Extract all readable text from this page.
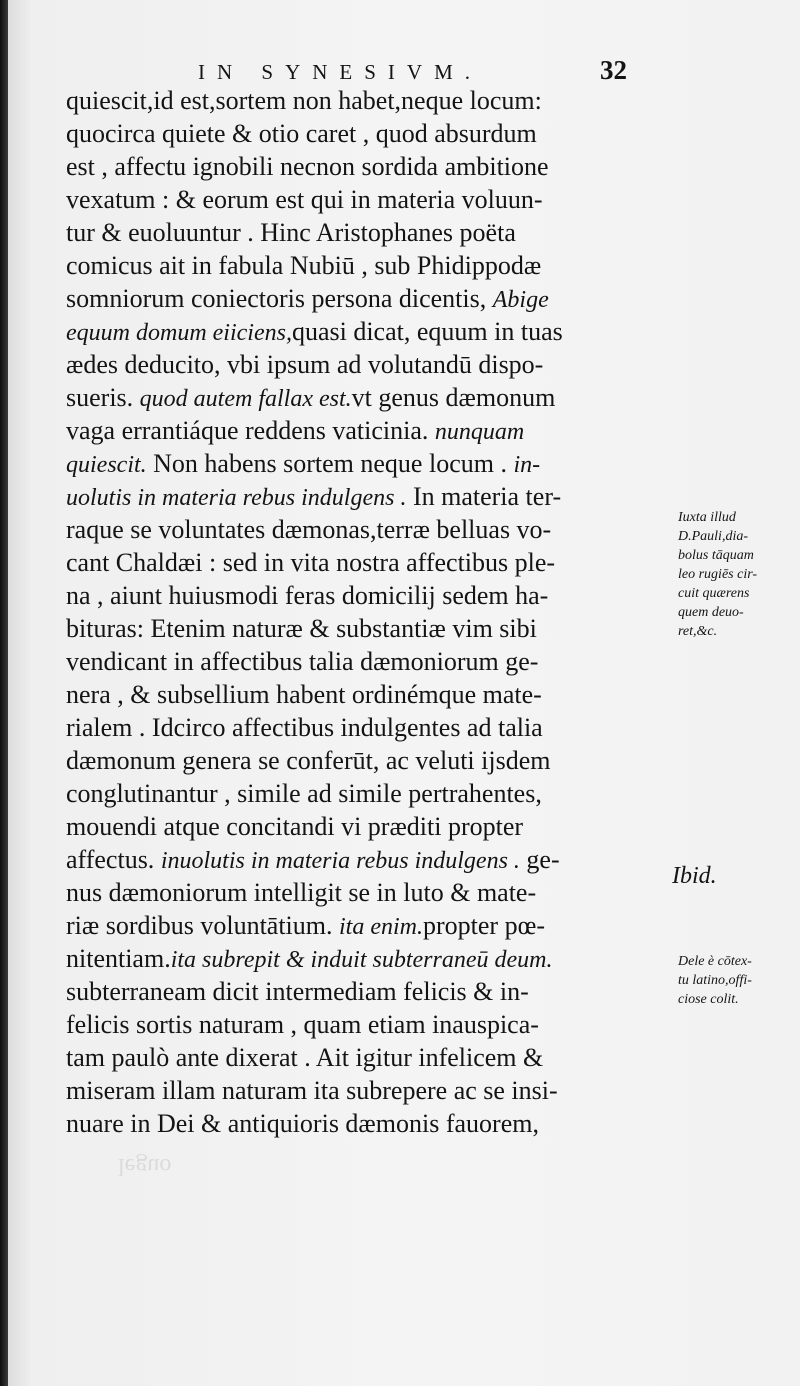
IN SYNESIVM.	32
quiescit,id est,sortem non habet,neque locum:
quocirca quiete & otio caret , quod absurdum
est , affectu ignobili necnon sordida ambitione
vexatum : & eorum est qui in materia voluun-
tur & euoluuntur . Hinc Aristophanes poëta
comicus ait in fabula Nubiū , sub Phidippodæ
somniorum coniectoris persona dicentis, Abige
equum domum eiiciens,quasi dicat, equum in tuas
ædes deducito, vbi ipsum ad volutandū dispo-
sueris. quod autem fallax est.vt genus dæmonum
vaga errantiáque reddens vaticinia. nunquam
quiescit. Non habens sortem neque locum . in-
uolutis in materia rebus indulgens . In materia ter-
raque se voluntates dæmonas,terræ belluas vo-
cant Chaldæi : sed in vita nostra affectibus ple-
na , aiunt huiusmodi feras domicilij sedem ha-
bituras: Etenim naturæ & substantiæ vim sibi
vendicant in affectibus talia dæmoniorum ge-
nera , & subsellium habent ordinémque mate-
rialem . Idcirco affectibus indulgentes ad talia
dæmonum genera se conferūt, ac veluti ijsdem
conglutinantur , simile ad simile pertrahentes,
mouendi atque concitandi vi præditi propter
affectus. inuolutis in materia rebus indulgens . ge-
nus dæmoniorum intelligit se in luto & mate-
riæ sordibus voluntātium. ita enim.propter pœ-
nitentiam.ita subrepit & induit subterraneū deum.
subterraneam dicit intermediam felicis & in-
felicis sortis naturam , quam etiam inauspica-
tam paulò ante dixerat . Ait igitur infelicem &
miseram illam naturam ita subrepere ac se insi-
nuare in Dei & antiquioris dæmonis fauorem,
Iuxta illud
D.Pauli,dia-
bolus tāquam
leo rugiēs cir-
cuit quærens
quem deuo-
ret,&c.
Ibid.
Dele è cōtex-
tu latino,offi-
ciose colit.
leguo
